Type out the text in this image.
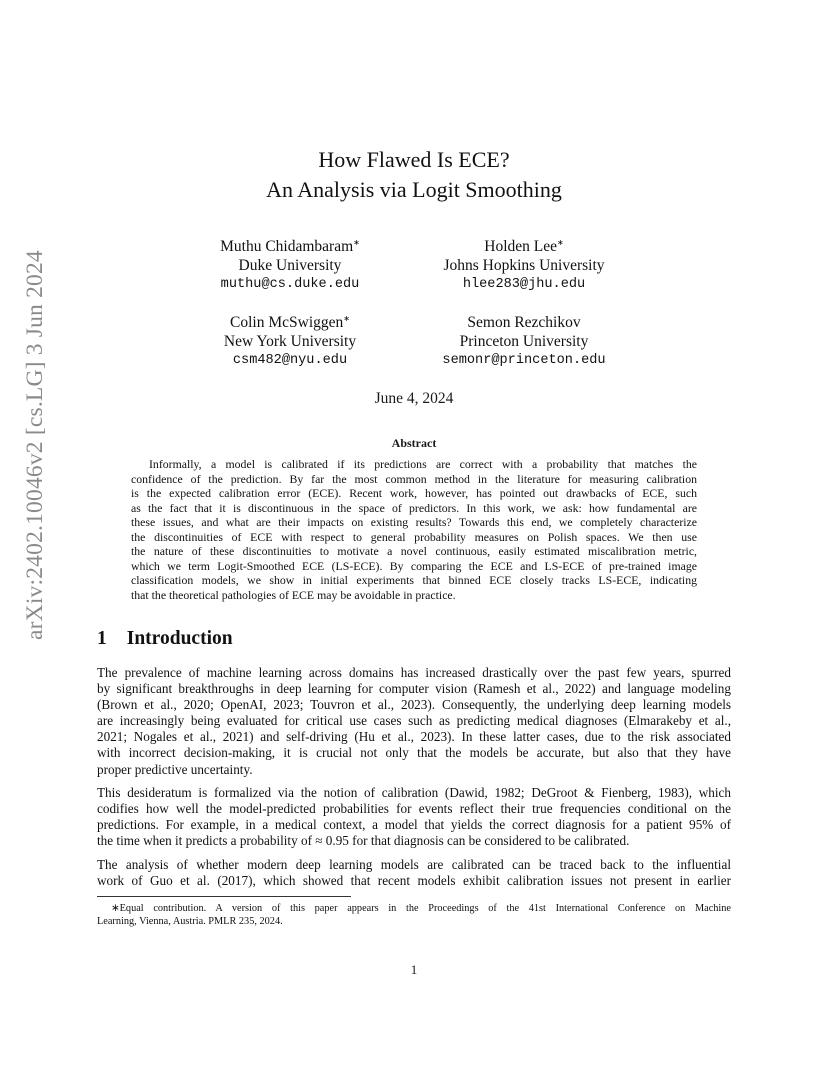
arXiv:2402.10046v2 [cs.LG] 3 Jun 2024
How Flawed Is ECE?
An Analysis via Logit Smoothing
Muthu Chidambaram∗
Duke University
muthu@cs.duke.edu
Holden Lee∗
Johns Hopkins University
hlee283@jhu.edu
Colin McSwiggen∗
New York University
csm482@nyu.edu
Semon Rezchikov
Princeton University
semonr@princeton.edu
June 4, 2024
Abstract
Informally, a model is calibrated if its predictions are correct with a probability that matches the
confidence of the prediction. By far the most common method in the literature for measuring calibration
is the expected calibration error (ECE). Recent work, however, has pointed out drawbacks of ECE, such
as the fact that it is discontinuous in the space of predictors. In this work, we ask: how fundamental are
these issues, and what are their impacts on existing results? Towards this end, we completely characterize
the discontinuities of ECE with respect to general probability measures on Polish spaces. We then use
the nature of these discontinuities to motivate a novel continuous, easily estimated miscalibration metric,
which we term Logit-Smoothed ECE (LS-ECE). By comparing the ECE and LS-ECE of pre-trained image
classification models, we show in initial experiments that binned ECE closely tracks LS-ECE, indicating
that the theoretical pathologies of ECE may be avoidable in practice.
1 Introduction
The prevalence of machine learning across domains has increased drastically over the past few years, spurred
by significant breakthroughs in deep learning for computer vision (Ramesh et al., 2022) and language modeling
(Brown et al., 2020; OpenAI, 2023; Touvron et al., 2023). Consequently, the underlying deep learning models
are increasingly being evaluated for critical use cases such as predicting medical diagnoses (Elmarakeby et al.,
2021; Nogales et al., 2021) and self-driving (Hu et al., 2023). In these latter cases, due to the risk associated
with incorrect decision-making, it is crucial not only that the models be accurate, but also that they have
proper predictive uncertainty.
This desideratum is formalized via the notion of calibration (Dawid, 1982; DeGroot & Fienberg, 1983), which
codifies how well the model-predicted probabilities for events reflect their true frequencies conditional on the
predictions. For example, in a medical context, a model that yields the correct diagnosis for a patient 95% of
the time when it predicts a probability of ≈ 0.95 for that diagnosis can be considered to be calibrated.
The analysis of whether modern deep learning models are calibrated can be traced back to the influential
work of Guo et al. (2017), which showed that recent models exhibit calibration issues not present in earlier
∗Equal contribution. A version of this paper appears in the Proceedings of the 41st International Conference on Machine
Learning, Vienna, Austria. PMLR 235, 2024.
1
